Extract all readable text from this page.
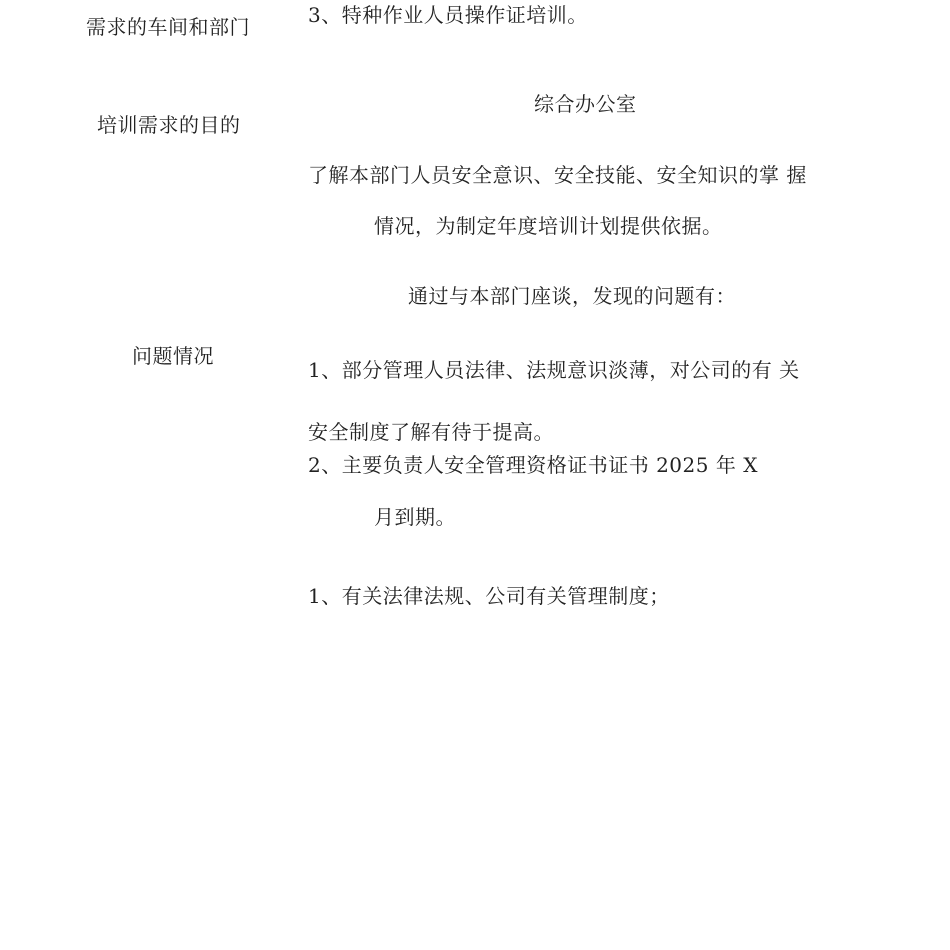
需求的车间和部门
培训需求的目的
问题情况
3、特种作业人员操作证培训。
综合办公室
了解本部门人员安全意识、安全技能、安全知识的掌 握
情况，为制定年度培训计划提供依据。
通过与本部门座谈，发现的问题有：
1、部分管理人员法律、法规意识淡薄，对公司的有 关
安全制度了解有待于提高。
2、主要负责人安全管理资格证书证书 2025 年 X
月到期。
1、有关法律法规、公司有关管理制度；
